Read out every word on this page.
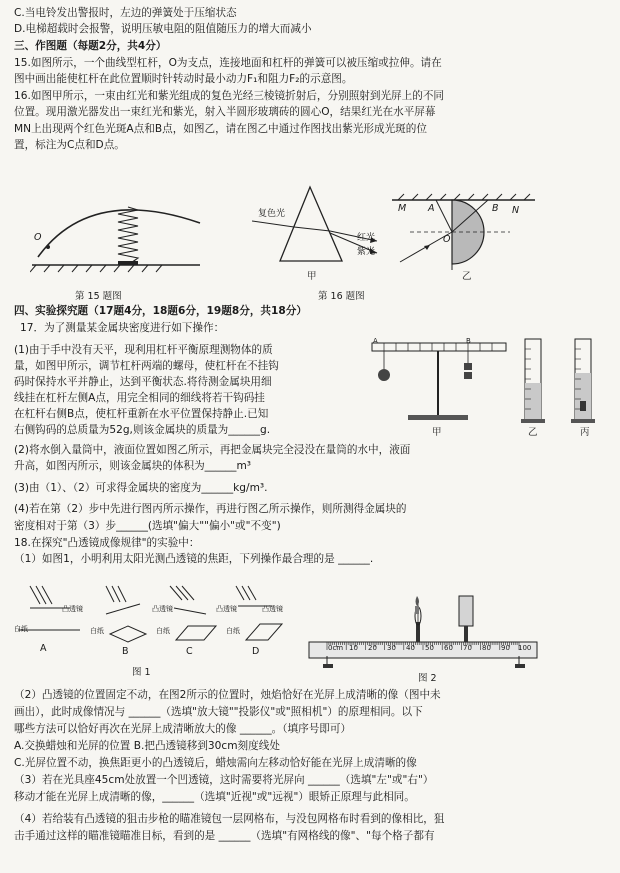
C.当电铃发出警报时，左边的弹簧处于压缩状态
D.电梯超载时会报警，说明压敏电阻的阻值随压力的增大而减小
三、作图题（每题2分，共4分）
15.如图所示，一个曲线型杠杆，O为支点，连接地面和杠杆的弹簧可以被压缩或拉伸。请在
图中画出能使杠杆在此位置顺时针转动时最小动力F₁和阻力F₂的示意图。
16.如图甲所示，一束由红光和紫光组成的复色光经三棱镜折射后，分别照射到光屏上的不同
位置。现用激光器发出一束红光和紫光，射入半圆形玻璃砖的圆心O，结果红光在水平屏幕
MN上出现两个红色光斑A点和B点，如图乙，请在图乙中通过作图找出紫光形成光斑的位
置，标注为C点和D点。
O
第 15 题图
复色光
红光
紫光
甲
M A	B N
O
乙
第 16 题图
四、实验探究题（17题4分，18题6分，19题8分，共18分）
17．为了测量某金属块密度进行如下操作：
(1)由于手中没有天平，现利用杠杆平衡原理测物体的质
量，如图甲所示，调节杠杆两端的螺母，使杠杆在不挂钩
码时保持水平并静止，达到平衡状态.将待测金属块用细
线挂在杠杆左侧A点，用完全相同的细线将若干钩码挂
在杠杆右侧B点，使杠杆重新在水平位置保持静止.已知
右侧钩码的总质量为52g,则该金属块的质量为______g.
A	B
甲	乙	丙
(2)将水倒入量筒中，液面位置如图乙所示，再把金属块完全浸没在量筒的水中，液面
升高，如图丙所示，则该金属块的体积为______m³
(3)由（1）、（2）可求得金属块的密度为______kg/m³.
(4)若在第（2）步中先进行图丙所示操作，再进行图乙所示操作，则所测得金属块的
密度相对于第（3）步______(选填"偏大""偏小"或"不变")
18.在探究"凸透镜成像规律"的实验中：
（1）如图1，小明利用太阳光测凸透镜的焦距，下列操作最合理的是 ______.
凸透镜	凸透镜	凸透镜	凸透镜
白纸	白纸	白纸	白纸
A	B	C	D
图 1
0cm 10 20 30 40 50 60 70 80 90 100
图 2
（2）凸透镜的位置固定不动，在图2所示的位置时，烛焰恰好在光屏上成清晰的像（图中未
画出），此时成像情况与 ______（选填"放大镜""投影仪"或"照相机"）的原理相同。以下
哪些方法可以恰好再次在光屏上成清晰放大的像 ______。（填序号即可）
A.交换蜡烛和光屏的位置 B.把凸透镜移到30cm刻度线处
C.光屏位置不动，换焦距更小的凸透镜后，蜡烛需向左移动恰好能在光屏上成清晰的像
（3）若在光具座45cm处放置一个凹透镜，这时需要将光屏向 ______（选填"左"或"右"）
移动才能在光屏上成清晰的像，______（选填"近视"或"远视"）眼矫正原理与此相同。
（4）若给装有凸透镜的狙击步枪的瞄准镜包一层网格布，与没包网格布时看到的像相比，狙
击手通过这样的瞄准镜瞄准目标，看到的是 ______（选填"有网格线的像"、"每个格子都有
